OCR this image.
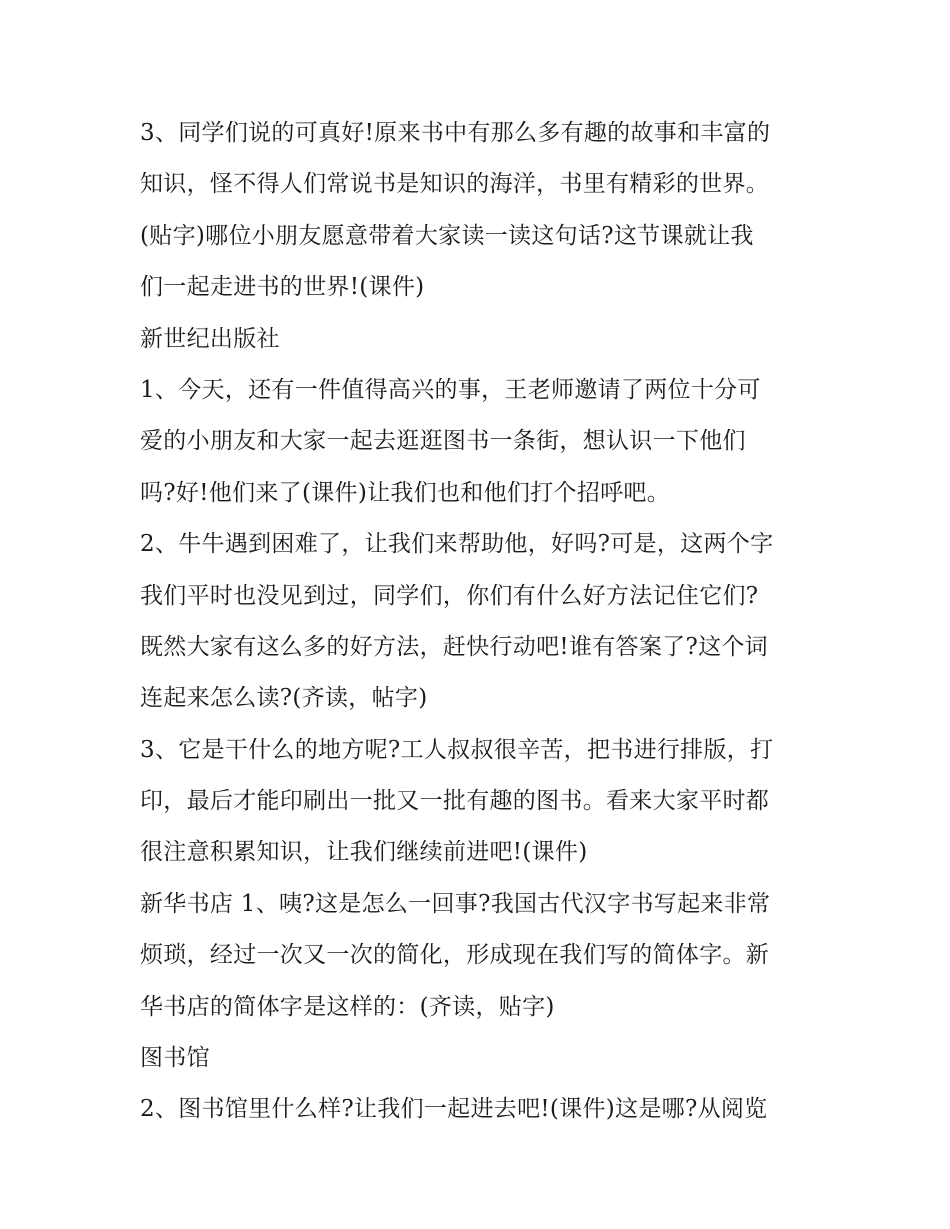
3、同学们说的可真好!原来书中有那么多有趣的故事和丰富的
知识，怪不得人们常说书是知识的海洋，书里有精彩的世界。
(贴字)哪位小朋友愿意带着大家读一读这句话?这节课就让我
们一起走进书的世界!(课件)
新世纪出版社
1、今天，还有一件值得高兴的事，王老师邀请了两位十分可
爱的小朋友和大家一起去逛逛图书一条街，想认识一下他们
吗?好!他们来了(课件)让我们也和他们打个招呼吧。
2、牛牛遇到困难了，让我们来帮助他，好吗?可是，这两个字
我们平时也没见到过，同学们，你们有什么好方法记住它们?
既然大家有这么多的好方法，赶快行动吧!谁有答案了?这个词
连起来怎么读?(齐读，帖字)
3、它是干什么的地方呢?工人叔叔很辛苦，把书进行排版，打
印，最后才能印刷出一批又一批有趣的图书。看来大家平时都
很注意积累知识，让我们继续前进吧!(课件)
新华书店 1、咦?这是怎么一回事?我国古代汉字书写起来非常
烦琐，经过一次又一次的简化，形成现在我们写的简体字。新
华书店的简体字是这样的：(齐读，贴字)
图书馆
2、图书馆里什么样?让我们一起进去吧!(课件)这是哪?从阅览
